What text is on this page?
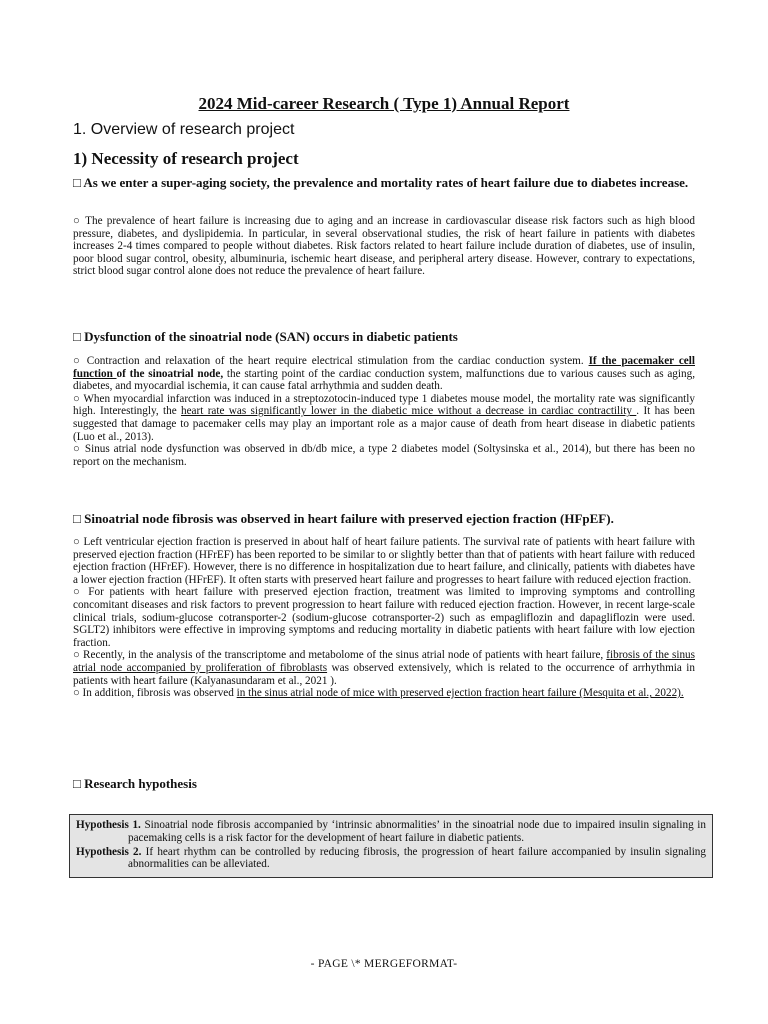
2024 Mid-career Research ( Type 1) Annual Report
1. Overview of research project
1) Necessity of research project
□ As we enter a super-aging society, the prevalence and mortality rates of heart failure due to diabetes increase.

○ The prevalence of heart failure is increasing due to aging and an increase in cardiovascular disease risk factors such as high blood pressure, diabetes, and dyslipidemia. In particular, in several observational studies, the risk of heart failure in patients with diabetes increases 2-4 times compared to people without diabetes. Risk factors related to heart failure include duration of diabetes, use of insulin, poor blood sugar control, obesity, albuminuria, ischemic heart disease, and peripheral artery disease. However, contrary to expectations, strict blood sugar control alone does not reduce the prevalence of heart failure.

□ Dysfunction of the sinoatrial node (SAN) occurs in diabetic patients

○ Contraction and relaxation of the heart require electrical stimulation from the cardiac conduction system. If the pacemaker cell function of the sinoatrial node, the starting point of the cardiac conduction system, malfunctions due to various causes such as aging, diabetes, and myocardial ischemia, it can cause fatal arrhythmia and sudden death.

○ When myocardial infarction was induced in a streptozotocin-induced type 1 diabetes mouse model, the mortality rate was significantly high. Interestingly, the heart rate was significantly lower in the diabetic mice without a decrease in cardiac contractility . It has been suggested that damage to pacemaker cells may play an important role as a major cause of death from heart disease in diabetic patients (Luo et al., 2013).

○ Sinus atrial node dysfunction was observed in db/db mice, a type 2 diabetes model (Soltysinska et al., 2014), but there has been no report on the mechanism.

□ Sinoatrial node fibrosis was observed in heart failure with preserved ejection fraction (HFpEF).

○ Left ventricular ejection fraction is preserved in about half of heart failure patients. The survival rate of patients with heart failure with preserved ejection fraction (HFrEF) has been reported to be similar to or slightly better than that of patients with heart failure with reduced ejection fraction (HFrEF). However, there is no difference in hospitalization due to heart failure, and clinically, patients with diabetes have a lower ejection fraction (HFrEF). It often starts with preserved heart failure and progresses to heart failure with reduced ejection fraction.

○ For patients with heart failure with preserved ejection fraction, treatment was limited to improving symptoms and controlling concomitant diseases and risk factors to prevent progression to heart failure with reduced ejection fraction. However, in recent large-scale clinical trials, sodium-glucose cotransporter-2 (sodium-glucose cotransporter-2) such as empagliflozin and dapagliflozin were used. SGLT2) inhibitors were effective in improving symptoms and reducing mortality in diabetic patients with heart failure with low ejection fraction.

○ Recently, in the analysis of the transcriptome and metabolome of the sinus atrial node of patients with heart failure, fibrosis of the sinus atrial node accompanied by proliferation of fibroblasts was observed extensively, which is related to the occurrence of arrhythmia in patients with heart failure (Kalyanasundaram et al., 2021 ).

○ In addition, fibrosis was observed in the sinus atrial node of mice with preserved ejection fraction heart failure (Mesquita et al., 2022).

□ Research hypothesis

Hypothesis 1. Sinoatrial node fibrosis accompanied by ‘intrinsic abnormalities’ in the sinoatrial node due to impaired insulin signaling in pacemaking cells is a risk factor for the development of heart failure in diabetic patients.

Hypothesis 2. If heart rhythm can be controlled by reducing fibrosis, the progression of heart failure accompanied by insulin signaling abnormalities can be alleviated.

- PAGE \* MERGEFORMAT-
